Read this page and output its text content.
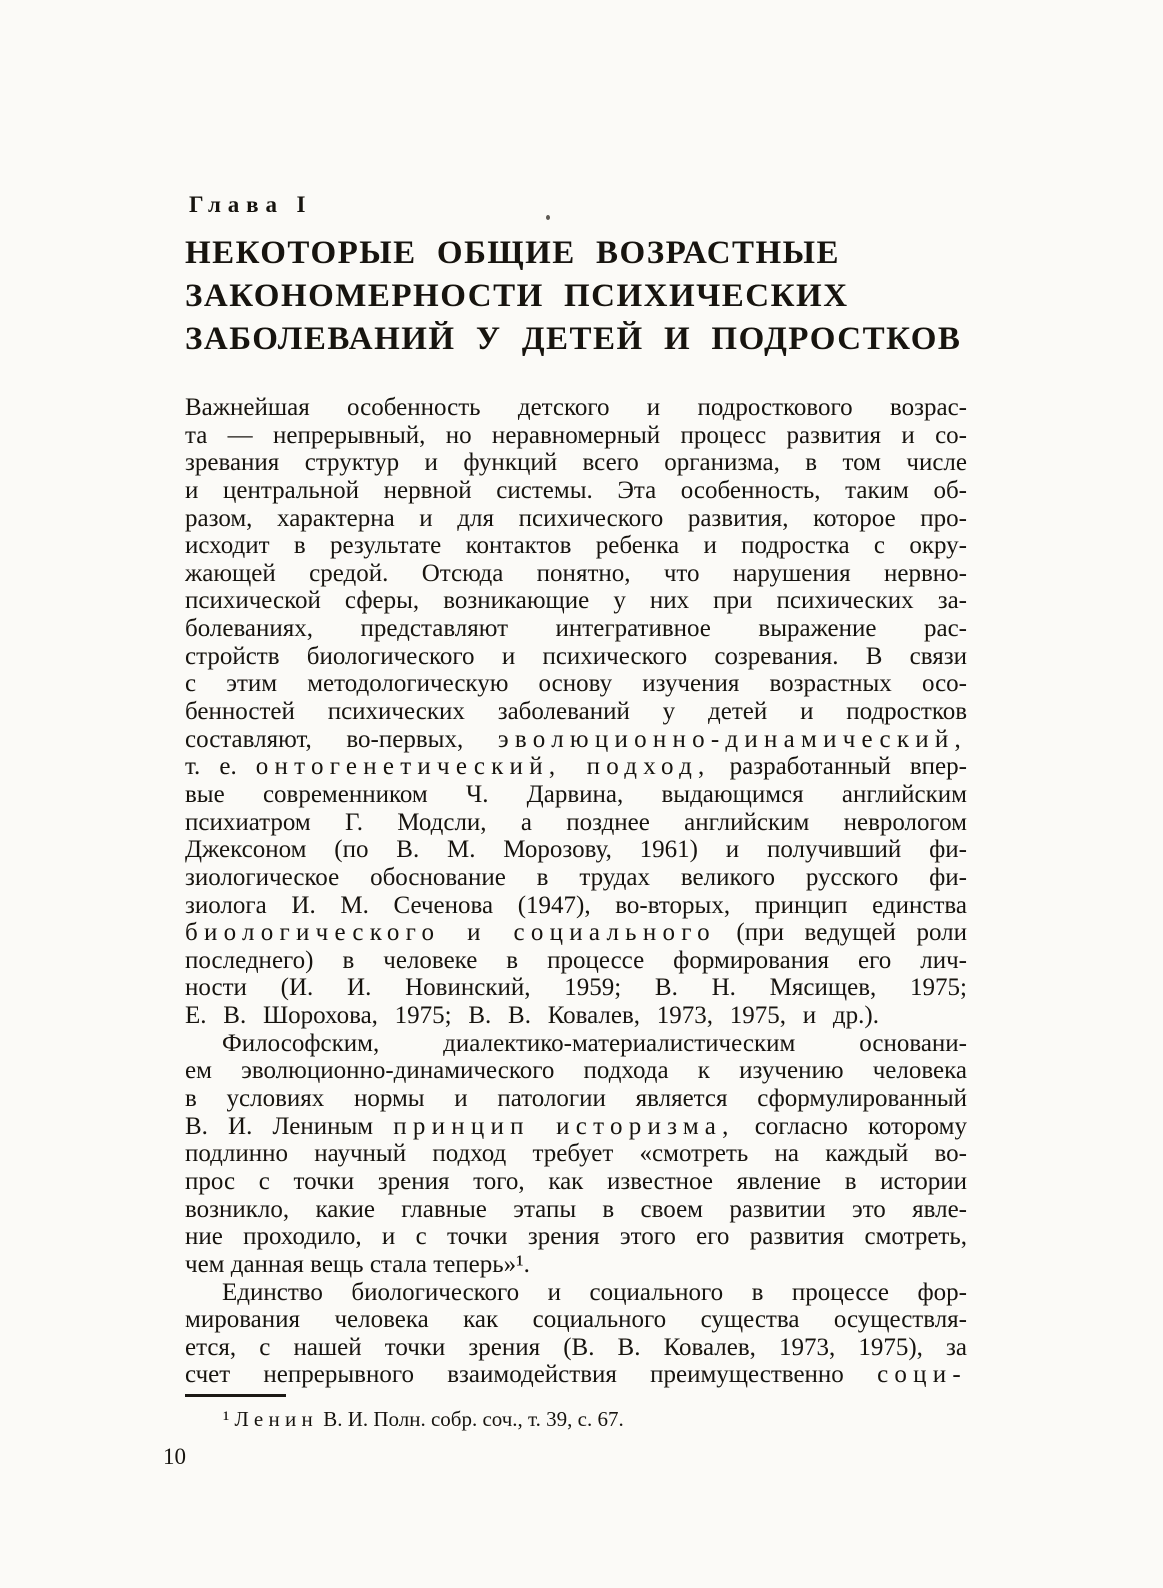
Глава I
НЕКОТОРЫЕ ОБЩИЕ ВОЗРАСТНЫЕ
ЗАКОНОМЕРНОСТИ ПСИХИЧЕСКИХ
ЗАБОЛЕВАНИЙ У ДЕТЕЙ И ПОДРОСТКОВ
Важнейшая особенность детского и подросткового возрас-
та — непрерывный, но неравномерный процесс развития и со-
зревания структур и функций всего организма, в том числе
и центральной нервной системы. Эта особенность, таким об-
разом, характерна и для психического развития, которое про-
исходит в результате контактов ребенка и подростка с окру-
жающей средой. Отсюда понятно, что нарушения нервно-
психической сферы, возникающие у них при психических за-
болеваниях, представляют интегративное выражение рас-
стройств биологического и психического созревания. В связи
с этим методологическую основу изучения возрастных осо-
бенностей психических заболеваний у детей и подростков
составляют, во-первых, эволюционно-динамический,
т. е. онтогенетический, подход, разработанный впер-
вые современником Ч. Дарвина, выдающимся английским
психиатром Г. Модсли, а позднее английским неврологом
Джексоном (по В. М. Морозову, 1961) и получивший фи-
зиологическое обоснование в трудах великого русского фи-
зиолога И. М. Сеченова (1947), во-вторых, принцип единства
биологического и социального (при ведущей роли
последнего) в человеке в процессе формирования его лич-
ности (И. И. Новинский, 1959; В. Н. Мясищев, 1975;
Е. В. Шорохова, 1975; В. В. Ковалев, 1973, 1975, и др.).
Философским, диалектико-материалистическим основани-
ем эволюционно-динамического подхода к изучению человека
в условиях нормы и патологии является сформулированный
В. И. Лениным принцип историзма, согласно которому
подлинно научный подход требует «смотреть на каждый во-
прос с точки зрения того, как известное явление в истории
возникло, какие главные этапы в своем развитии это явле-
ние проходило, и с точки зрения этого его развития смотреть,
чем данная вещь стала теперь»¹.
Единство биологического и социального в процессе фор-
мирования человека как социального существа осуществля-
ется, с нашей точки зрения (В. В. Ковалев, 1973, 1975), за
счет непрерывного взаимодействия преимущественно соци-
¹ Ленин В. И. Полн. собр. соч., т. 39, с. 67.
10
